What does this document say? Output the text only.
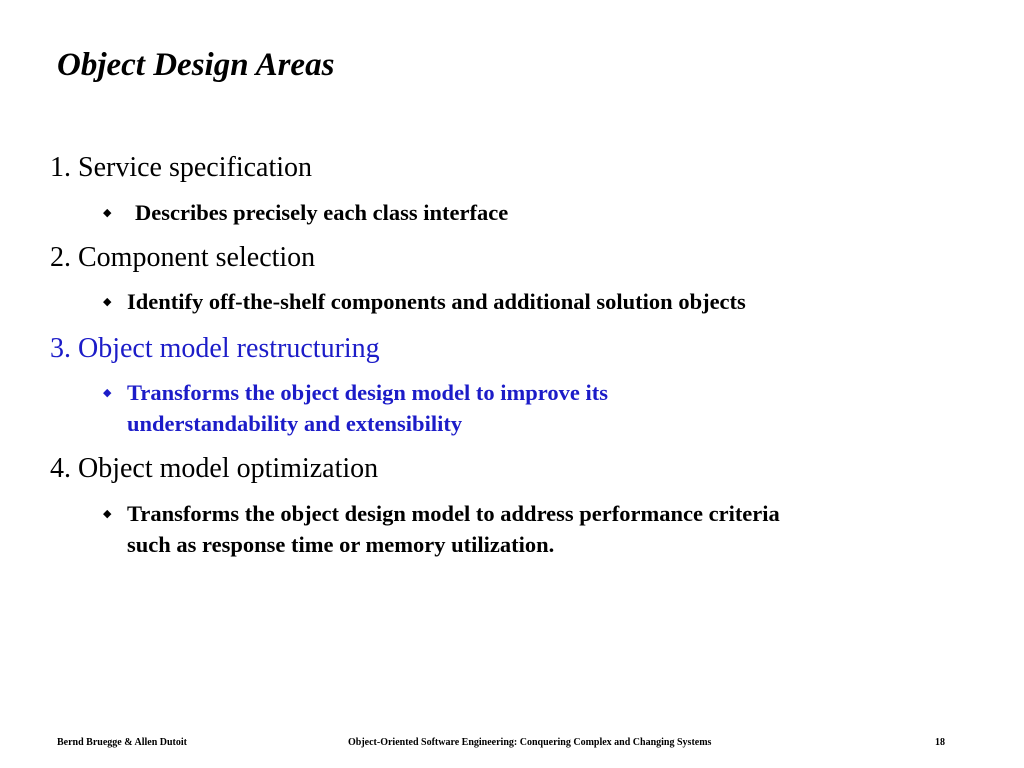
Object Design Areas
1. Service specification
◆ Describes precisely each class interface
2. Component selection
◆ Identify off-the-shelf components and additional solution objects
3. Object model restructuring
◆ Transforms the object design model to improve its
understandability and extensibility
4. Object model optimization
◆ Transforms the object design model to address performance criteria
such as response time or memory utilization.
Bernd Bruegge & Allen Dutoit	Object-Oriented Software Engineering: Conquering Complex and Changing Systems	18
